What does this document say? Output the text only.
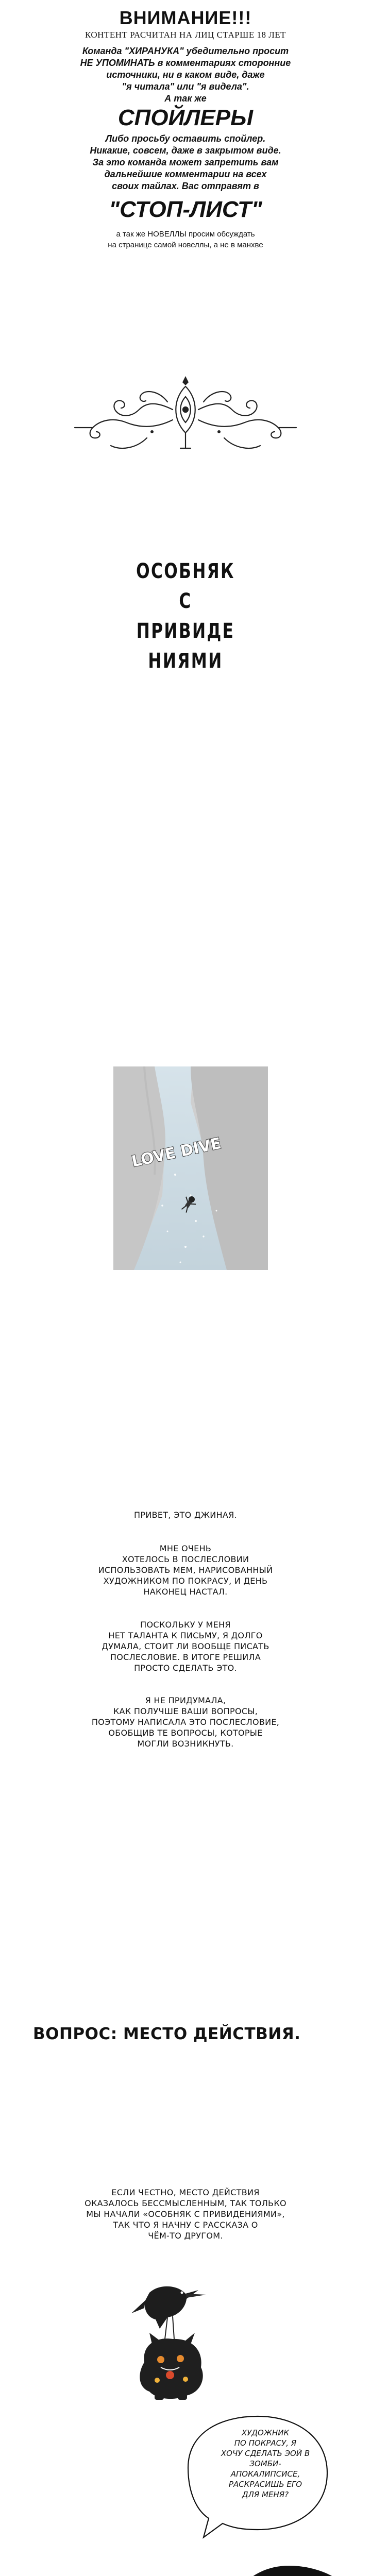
ВНИМАНИЕ!!!
КОНТЕНТ РАСЧИТАН НА ЛИЦ СТАРШЕ 18 ЛЕТ
Команда "ХИРАНУКА" убедительно просит
НЕ УПОМИНАТЬ в комментариях сторонние
источники, ни в каком виде, даже
"я читала" или "я видела".
А так же
СПОЙЛЕРЫ
Либо просьбу оставить спойлер.
Никакие, совсем, даже в закрытом виде.
За это команда может запретить вам
дальнейшие комментарии на всех
своих тайлах. Вас отправят в
"СТОП-ЛИСТ"
а так же НОВЕЛЛЫ просим обсуждать
на странице самой новеллы, а не в манхве
ОСОБНЯК
С ПРИВИДЕ
НИЯМИ
LOVE DIVE
ПРИВЕТ, ЭТО ДЖИНАЯ.
МНЕ ОЧЕНЬ
ХОТЕЛОСЬ В ПОСЛЕСЛОВИИ
ИСПОЛЬЗОВАТЬ МЕМ, НАРИСОВАННЫЙ
ХУДОЖНИКОМ ПО ПОКРАСУ, И ДЕНЬ
НАКОНЕЦ НАСТАЛ.
ПОСКОЛЬКУ У МЕНЯ
НЕТ ТАЛАНТА К ПИСЬМУ, Я ДОЛГО
ДУМАЛА, СТОИТ ЛИ ВООБЩЕ ПИСАТЬ
ПОСЛЕСЛОВИЕ. В ИТОГЕ РЕШИЛА
ПРОСТО СДЕЛАТЬ ЭТО.
Я НЕ ПРИДУМАЛА,
КАК ПОЛУЧШЕ ВАШИ ВОПРОСЫ,
ПОЭТОМУ НАПИСАЛА ЭТО ПОСЛЕСЛОВИЕ,
ОБОБЩИВ ТЕ ВОПРОСЫ, КОТОРЫЕ
МОГЛИ ВОЗНИКНУТЬ.
ВОПРОС: МЕСТО ДЕЙСТВИЯ.
ЕСЛИ ЧЕСТНО, МЕСТО ДЕЙСТВИЯ
ОКАЗАЛОСЬ БЕССМЫСЛЕННЫМ, ТАК ТОЛЬКО
МЫ НАЧАЛИ «ОСОБНЯК С ПРИВИДЕНИЯМИ»,
ТАК ЧТО Я НАЧНУ С РАССКАЗА О
ЧЁМ-ТО ДРУГОМ.
ХУДОЖНИК
ПО ПОКРАСУ, Я
ХОЧУ СДЕЛАТЬ ЭОЙ В
ЗОМБИ-АПОКАЛИПСИСЕ,
РАСКРАСИШЬ ЕГО
ДЛЯ МЕНЯ?
